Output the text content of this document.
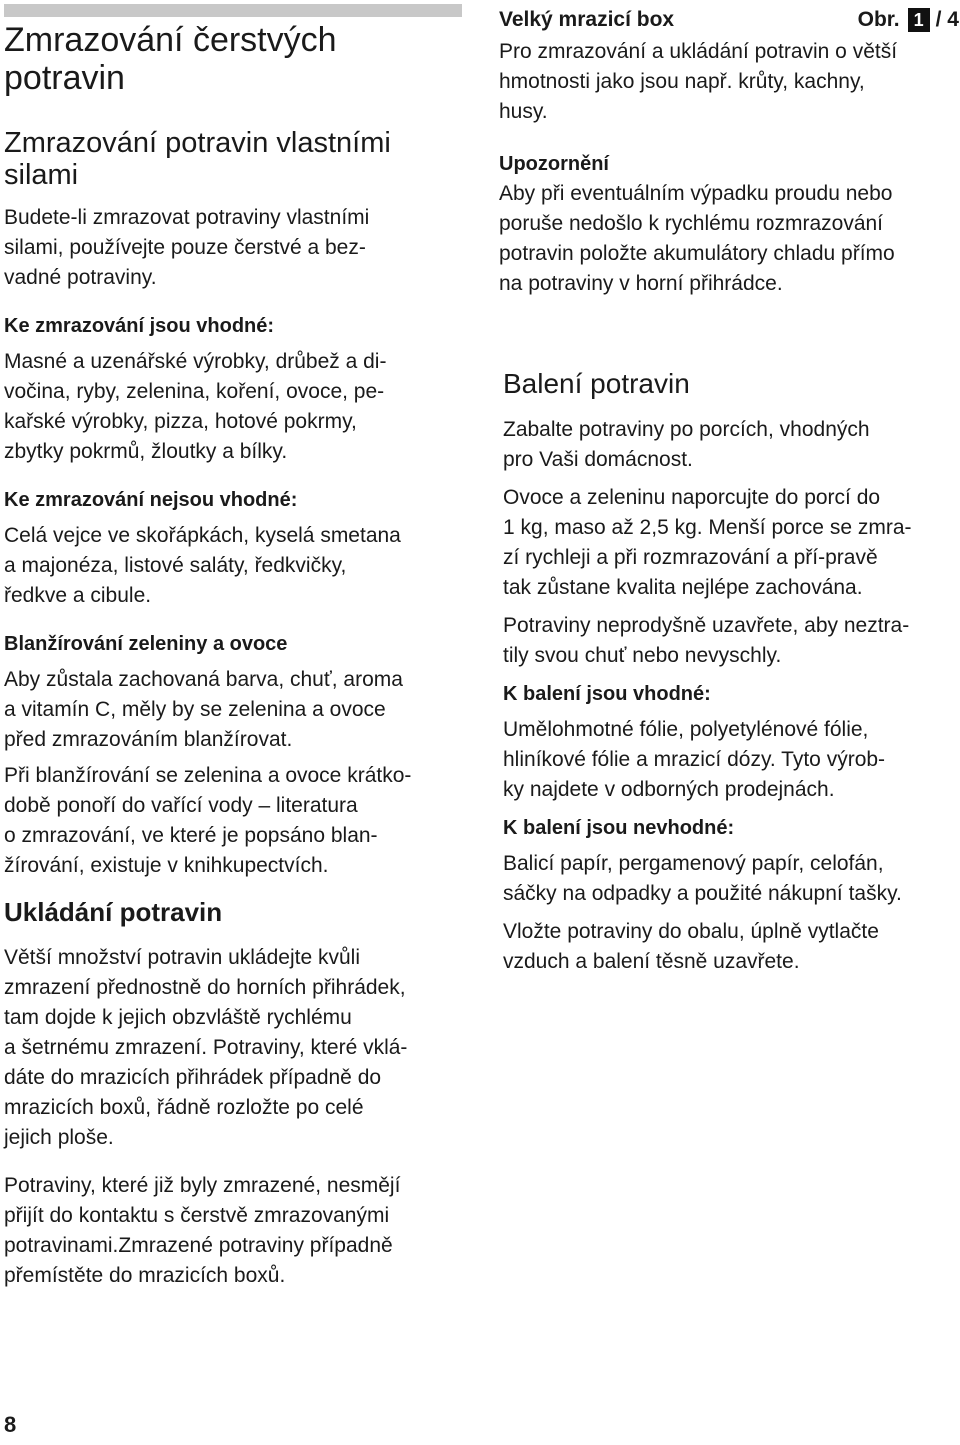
Zmrazování čerstvých
potravin
Zmrazování potravin vlastními
silami

Budete-li zmrazovat potraviny vlastními

silami, používejte pouze čerstvé a bez-

vadné potraviny.

Ke zmrazování jsou vhodné:

Masné a uzenářské výrobky, drůbež a di-

vočina, ryby, zelenina, koření, ovoce, pe-

kařské výrobky, pizza, hotové pokrmy,

zbytky pokrmů, žloutky a bílky.

Ke zmrazování nejsou vhodné:

Celá vejce ve skořápkách, kyselá smetana

a majonéza, listové saláty, ředkvičky,

ředkve a cibule.

Blanžírování zeleniny a ovoce

Aby zůstala zachovaná barva, chuť, aroma

a vitamín C, měly by se zelenina a ovoce

před zmrazováním blanžírovat.

Při blanžírování se zelenina a ovoce krátko-

době ponoří do vařící vody – literatura

o zmrazování, ve které je popsáno blan-

žírování, existuje v knihkupectvích.

Ukládání potravin

Větší množství potravin ukládejte kvůli

zmrazení přednostně do horních přihrádek,

tam dojde k jejich obzvláště rychlému

a šetrnému zmrazení. Potraviny, které vklá-

dáte do mrazicích přihrádek případně do

mrazicích boxů, řádně rozložte po celé

jejich ploše.

Potraviny, které již byly zmrazené, nesmějí

přijít do kontaktu s čerstvě zmrazovanými

potravinami.Zmrazené potraviny případně

přemístěte do mrazicích boxů.

Velký mrazicí box	Obr. 1 / 4

Pro zmrazování a ukládání potravin o větší

hmotnosti jako jsou např. krůty, kachny,

husy.

Upozornění

Aby při eventuálním výpadku proudu nebo

poruše nedošlo k rychlému rozmrazování

potravin položte akumulátory chladu přímo

na potraviny v horní přihrádce.

Balení potravin

Zabalte potraviny po porcích, vhodných

pro Vaši domácnost.

Ovoce a zeleninu naporcujte do porcí do

1 kg, maso až 2,5 kg. Menší porce se zmra-

zí rychleji a při rozmrazování a pří-pravě

tak zůstane kvalita nejlépe zachována.

Potraviny neprodyšně uzavřete, aby neztra-

tily svou chuť nebo nevyschly.

K balení jsou vhodné:

Umělohmotné fólie, polyetylénové fólie,

hliníkové fólie a mrazicí dózy. Tyto výrob-

ky najdete v odborných prodejnách.

K balení jsou nevhodné:

Balicí papír, pergamenový papír, celofán,

sáčky na odpadky a použité nákupní tašky.

Vložte potraviny do obalu, úplně vytlačte

vzduch a balení těsně uzavřete.

8
